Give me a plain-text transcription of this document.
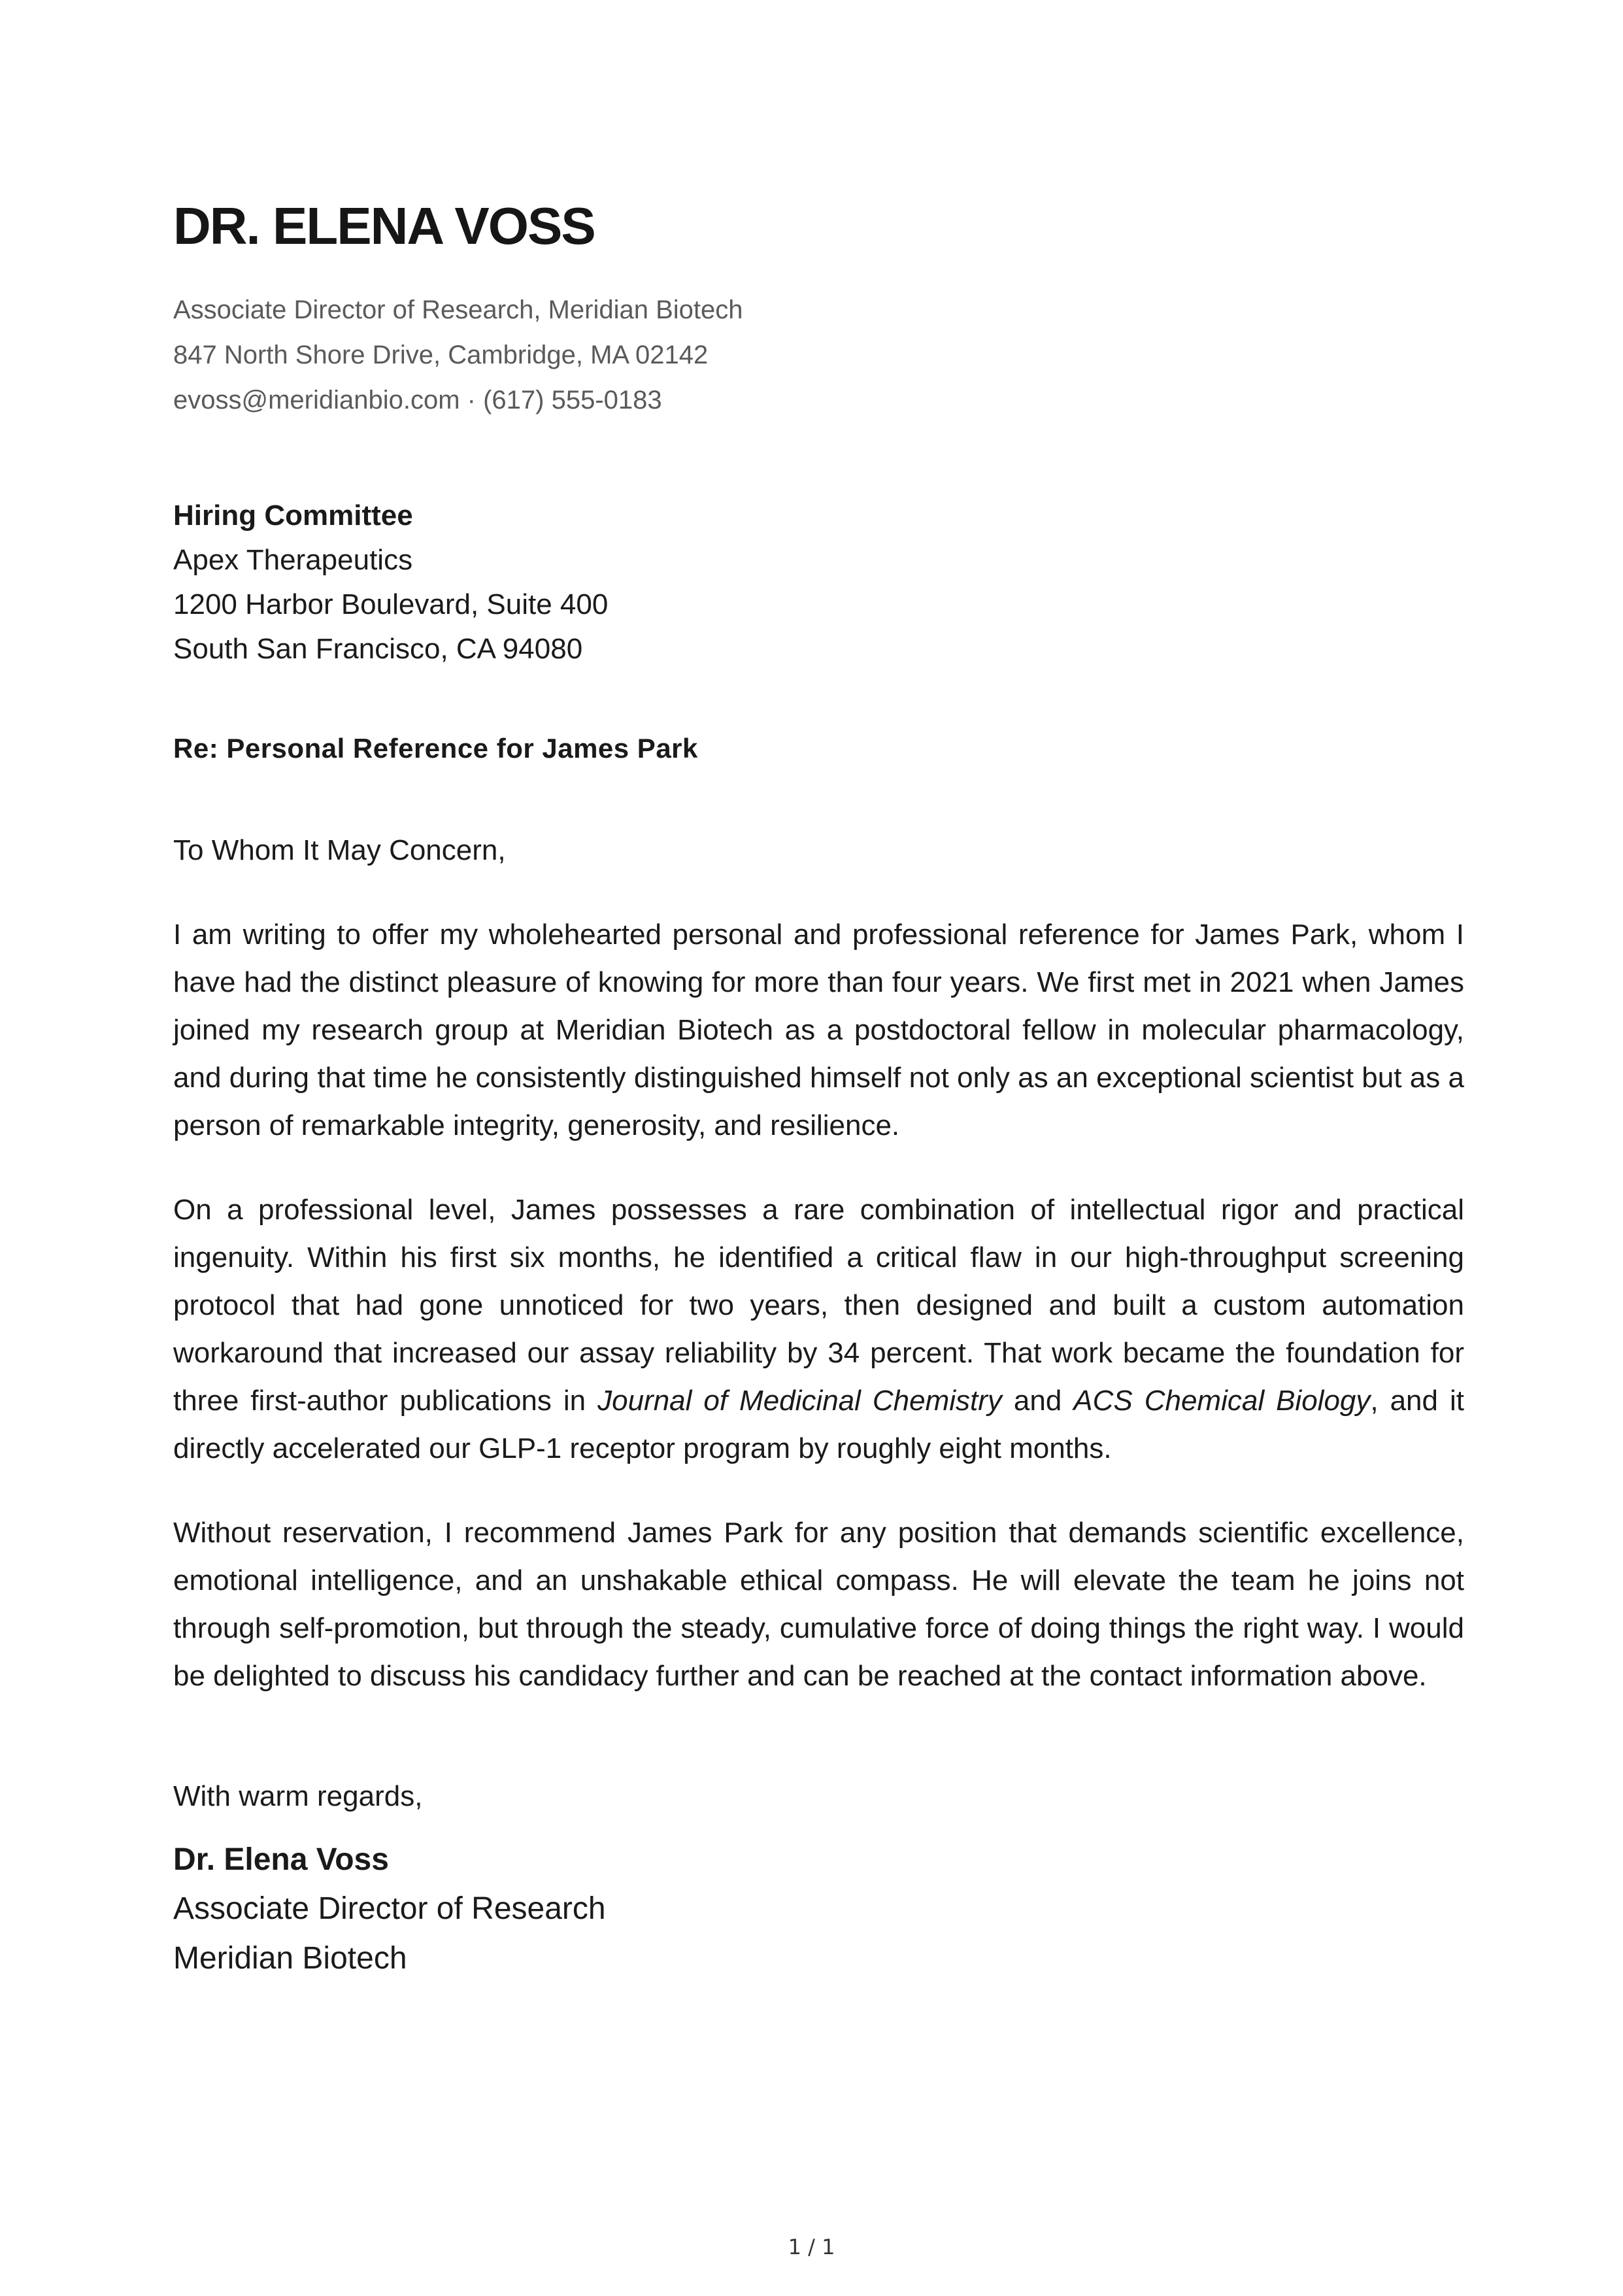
DR. ELENA VOSS
Associate Director of Research, Meridian Biotech
847 North Shore Drive, Cambridge, MA 02142
evoss@meridianbio.com · (617) 555-0183
Hiring Committee
Apex Therapeutics
1200 Harbor Boulevard, Suite 400
South San Francisco, CA 94080
Re: Personal Reference for James Park
To Whom It May Concern,

I am writing to offer my wholehearted personal and professional reference for James Park, whom I have had the distinct pleasure of knowing for more than four years. We first met in 2021 when James joined my research group at Meridian Biotech as a postdoctoral fellow in molecular pharmacology, and during that time he consistently distinguished himself not only as an exceptional scientist but as a person of remarkable integrity, generosity, and resilience.

On a professional level, James possesses a rare combination of intellectual rigor and practical ingenuity. Within his first six months, he identified a critical flaw in our high-throughput screening protocol that had gone unnoticed for two years, then designed and built a custom automation workaround that increased our assay reliability by 34 percent. That work became the foundation for three first-author publications in Journal of Medicinal Chemistry and ACS Chemical Biology, and it directly accelerated our GLP-1 receptor program by roughly eight months.

Without reservation, I recommend James Park for any position that demands scientific excellence, emotional intelligence, and an unshakable ethical compass. He will elevate the team he joins not through self-promotion, but through the steady, cumulative force of doing things the right way. I would be delighted to discuss his candidacy further and can be reached at the contact information above.

With warm regards,
Dr. Elena Voss
Associate Director of Research
Meridian Biotech
1 / 1
